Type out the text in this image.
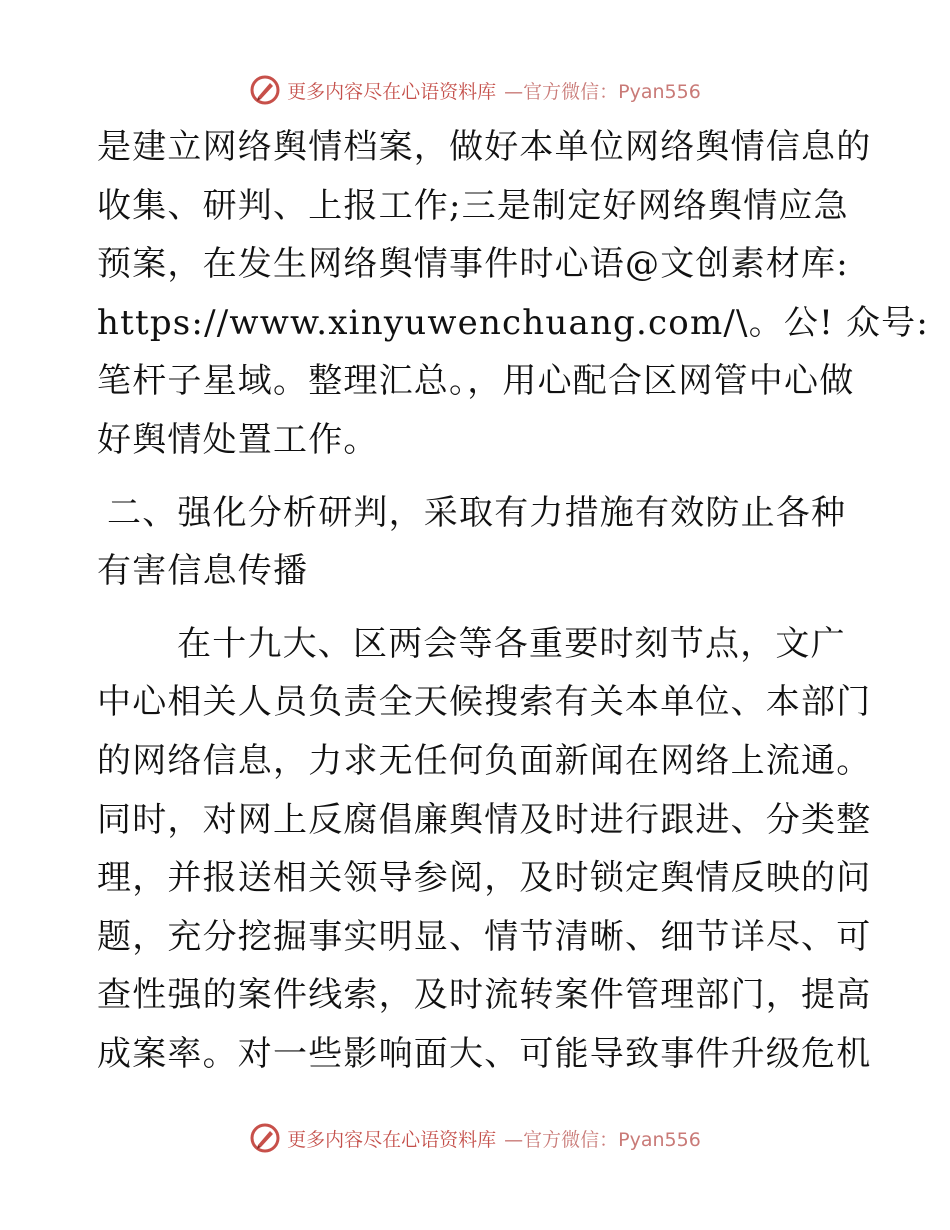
更多内容尽在心语资料库 —官方微信：Pyan556
是建立网络舆情档案，做好本单位网络舆情信息的
收集、研判、上报工作;三是制定好网络舆情应急
预案，在发生网络舆情事件时心语@文创素材库:
https://www.xinyuwenchuang.com/\。公! 众号:
笔杆子星域。整理汇总。，用心配合区网管中心做
好舆情处置工作。
二、强化分析研判，采取有力措施有效防止各种
有害信息传播
在十九大、区两会等各重要时刻节点，文广
中心相关人员负责全天候搜索有关本单位、本部门
的网络信息，力求无任何负面新闻在网络上流通。
同时，对网上反腐倡廉舆情及时进行跟进、分类整
理，并报送相关领导参阅，及时锁定舆情反映的问
题，充分挖掘事实明显、情节清晰、细节详尽、可
查性强的案件线索，及时流转案件管理部门，提高
成案率。对一些影响面大、可能导致事件升级危机
更多内容尽在心语资料库 —官方微信：Pyan556
